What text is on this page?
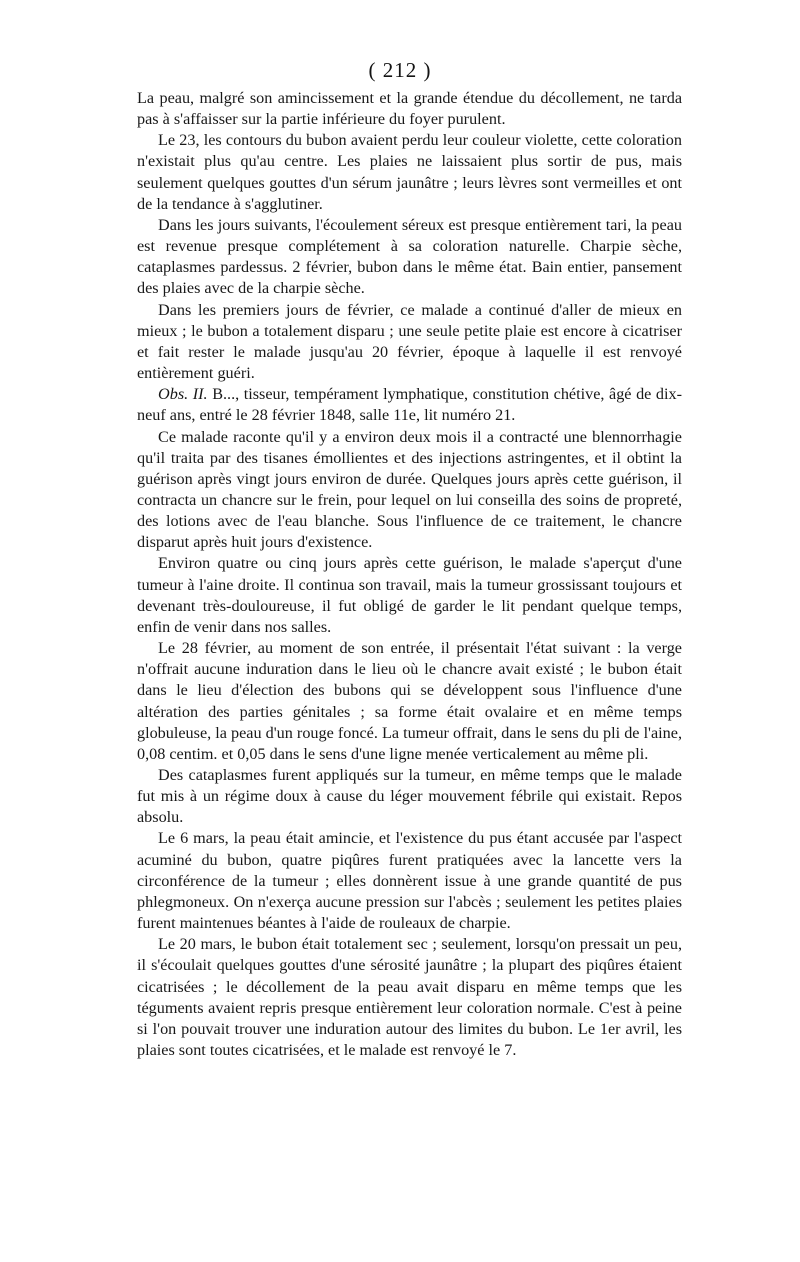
( 212 )

La peau, malgré son amincissement et la grande étendue du décollement, ne tarda pas à s'affaisser sur la partie inférieure du foyer purulent.

Le 23, les contours du bubon avaient perdu leur couleur violette, cette coloration n'existait plus qu'au centre. Les plaies ne laissaient plus sortir de pus, mais seulement quelques gouttes d'un sérum jaunâtre ; leurs lèvres sont vermeilles et ont de la tendance à s'agglutiner.

Dans les jours suivants, l'écoulement séreux est presque entièrement tari, la peau est revenue presque complétement à sa coloration naturelle. Charpie sèche, cataplasmes pardessus. 2 février, bubon dans le même état. Bain entier, pansement des plaies avec de la charpie sèche.

Dans les premiers jours de février, ce malade a continué d'aller de mieux en mieux ; le bubon a totalement disparu ; une seule petite plaie est encore à cicatriser et fait rester le malade jusqu'au 20 février, époque à laquelle il est renvoyé entièrement guéri.

Obs. II. B..., tisseur, tempérament lymphatique, constitution chétive, âgé de dix-neuf ans, entré le 28 février 1848, salle 11e, lit numéro 21.

Ce malade raconte qu'il y a environ deux mois il a contracté une blennorrhagie qu'il traita par des tisanes émollientes et des injections astringentes, et il obtint la guérison après vingt jours environ de durée. Quelques jours après cette guérison, il contracta un chancre sur le frein, pour lequel on lui conseilla des soins de propreté, des lotions avec de l'eau blanche. Sous l'influence de ce traitement, le chancre disparut après huit jours d'existence.

Environ quatre ou cinq jours après cette guérison, le malade s'aperçut d'une tumeur à l'aine droite. Il continua son travail, mais la tumeur grossissant toujours et devenant très-douloureuse, il fut obligé de garder le lit pendant quelque temps, enfin de venir dans nos salles.

Le 28 février, au moment de son entrée, il présentait l'état suivant : la verge n'offrait aucune induration dans le lieu où le chancre avait existé ; le bubon était dans le lieu d'élection des bubons qui se développent sous l'influence d'une altération des parties génitales ; sa forme était ovalaire et en même temps globuleuse, la peau d'un rouge foncé. La tumeur offrait, dans le sens du pli de l'aine, 0,08 centim. et 0,05 dans le sens d'une ligne menée verticalement au même pli.

Des cataplasmes furent appliqués sur la tumeur, en même temps que le malade fut mis à un régime doux à cause du léger mouvement fébrile qui existait. Repos absolu.

Le 6 mars, la peau était amincie, et l'existence du pus étant accusée par l'aspect acuminé du bubon, quatre piqûres furent pratiquées avec la lancette vers la circonférence de la tumeur ; elles donnèrent issue à une grande quantité de pus phlegmoneux. On n'exerça aucune pression sur l'abcès ; seulement les petites plaies furent maintenues béantes à l'aide de rouleaux de charpie.

Le 20 mars, le bubon était totalement sec ; seulement, lorsqu'on pressait un peu, il s'écoulait quelques gouttes d'une sérosité jaunâtre ; la plupart des piqûres étaient cicatrisées ; le décollement de la peau avait disparu en même temps que les téguments avaient repris presque entièrement leur coloration normale. C'est à peine si l'on pouvait trouver une induration autour des limites du bubon. Le 1er avril, les plaies sont toutes cicatrisées, et le malade est renvoyé le 7.
